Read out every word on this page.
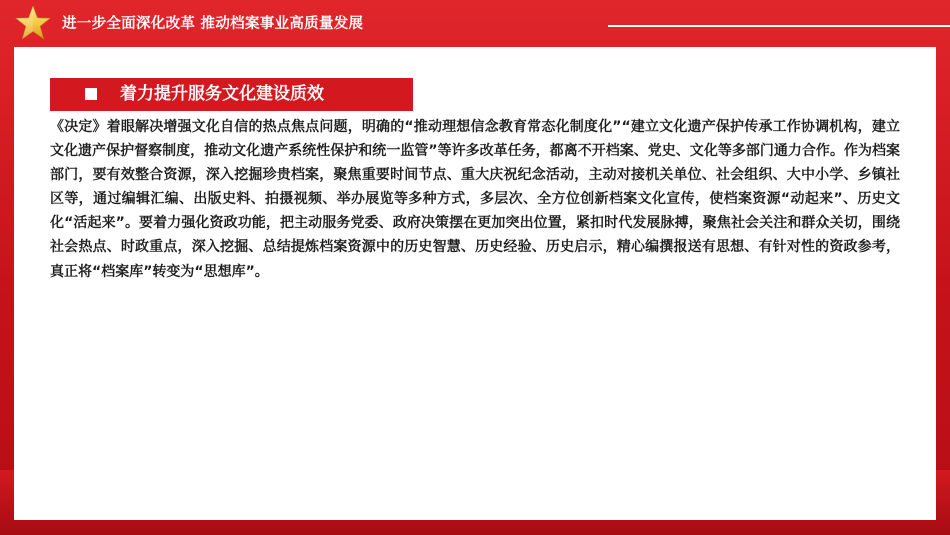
进一步全面深化改革 推动档案事业高质量发展
着力提升服务文化建设质效

《决定》着眼解决增强文化自信的热点焦点问题，明确的“推动理想信念教育常态化制度化”“建立文化遗产保护传承工作协调机构，建立文化遗产保护督察制度，推动文化遗产系统性保护和统一监管”等许多改革任务，都离不开档案、党史、文化等多部门通力合作。作为档案部门，要有效整合资源，深入挖掘珍贵档案，聚焦重要时间节点、重大庆祝纪念活动，主动对接机关单位、社会组织、大中小学、乡镇社区等，通过编辑汇编、出版史料、拍摄视频、举办展览等多种方式，多层次、全方位创新档案文化宣传，使档案资源“动起来”、历史文化“活起来”。要着力强化资政功能，把主动服务党委、政府决策摆在更加突出位置，紧扣时代发展脉搏，聚焦社会关注和群众关切，围绕社会热点、时政重点，深入挖掘、总结提炼档案资源中的历史智慧、历史经验、历史启示，精心编撰报送有思想、有针对性的资政参考，真正将“档案库”转变为“思想库”。
